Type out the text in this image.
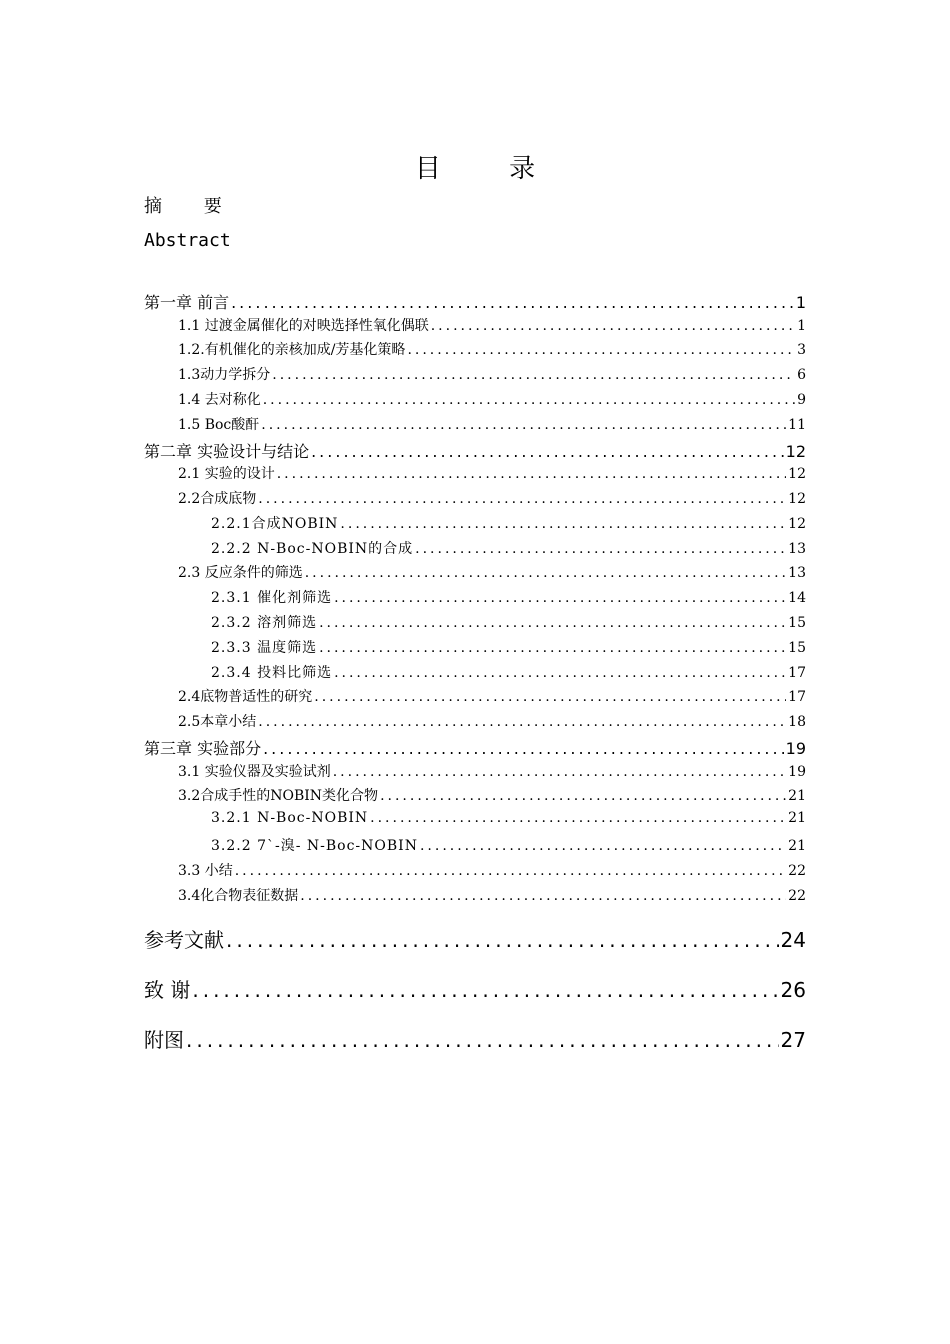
目 录
摘 要
Abstract
第一章 前言 .....	1
1.1 过渡金属催化的对映选择性氧化偶联 .....	1
1.2.有机催化的亲核加成/芳基化策略 .....	3
1.3动力学拆分 .....	6
1.4 去对称化 .....	9
1.5 Boc酸酐 .....	11
第二章 实验设计与结论 .....	12
2.1 实验的设计 .....	12
2.2合成底物 .....	12
2.2.1合成NOBIN .....	12
2.2.2 N-Boc-NOBIN的合成 .....	13
2.3 反应条件的筛选 .....	13
2.3.1 催化剂筛选 .....	14
2.3.2 溶剂筛选 .....	15
2.3.3 温度筛选 .....	15
2.3.4 投料比筛选 .....	17
2.4底物普适性的研究 .....	17
2.5本章小结 .....	18
第三章 实验部分 .....	19
3.1 实验仪器及实验试剂 .....	19
3.2合成手性的NOBIN类化合物 .....	21
3.2.1 N-Boc-NOBIN .....	21
3.2.2 7`-溴- N-Boc-NOBIN .....	21
3.3 小结 .....	22
3.4化合物表征数据 .....	22
参考文献 .....	24
致 谢 .....	26
附图 .....	27
